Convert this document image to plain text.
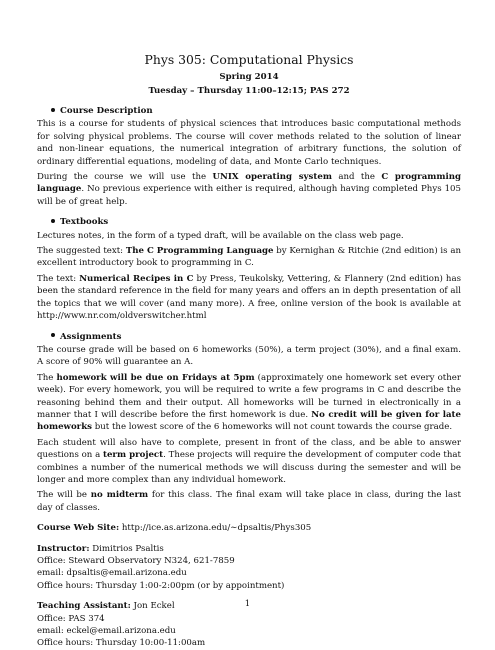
Phys 305: Computational Physics
Spring 2014
Tuesday – Thursday 11:00–12:15; PAS 272
Course Description

This is a course for students of physical sciences that introduces basic computational methods for solving physical problems. The course will cover methods related to the solution of linear and non-linear equations, the numerical integration of arbitrary functions, the solution of ordinary differential equations, modeling of data, and Monte Carlo techniques.

During the course we will use the UNIX operating system and the C programming language. No previous experience with either is required, although having completed Phys 105 will be of great help.

Textbooks

Lectures notes, in the form of a typed draft, will be available on the class web page.

The suggested text: The C Programming Language by Kernighan & Ritchie (2nd edition) is an excellent introductory book to programming in C.

The text: Numerical Recipes in C by Press, Teukolsky, Vettering, & Flannery (2nd edition) has been the standard reference in the field for many years and offers an in depth presentation of all the topics that we will cover (and many more). A free, online version of the book is available at http://www.nr.com/oldverswitcher.html

Assignments

The course grade will be based on 6 homeworks (50%), a term project (30%), and a final exam. A score of 90% will guarantee an A.

The homework will be due on Fridays at 5pm (approximately one homework set every other week). For every homework, you will be required to write a few programs in C and describe the reasoning behind them and their output. All homeworks will be turned in electronically in a manner that I will describe before the first homework is due. No credit will be given for late homeworks but the lowest score of the 6 homeworks will not count towards the course grade.

Each student will also have to complete, present in front of the class, and be able to answer questions on a term project. These projects will require the development of computer code that combines a number of the numerical methods we will discuss during the semester and will be longer and more complex than any individual homework.

The will be no midterm for this class. The final exam will take place in class, during the last day of classes.

Course Web Site: http://ice.as.arizona.edu/∼dpsaltis/Phys305
Instructor: Dimitrios Psaltis
Office: Steward Observatory N324, 621-7859
email: dpsaltis@email.arizona.edu
Office hours: Thursday 1:00-2:00pm (or by appointment)
Teaching Assistant: Jon Eckel
Office: PAS 374
email: eckel@email.arizona.edu
Office hours: Thursday 10:00-11:00am
1
